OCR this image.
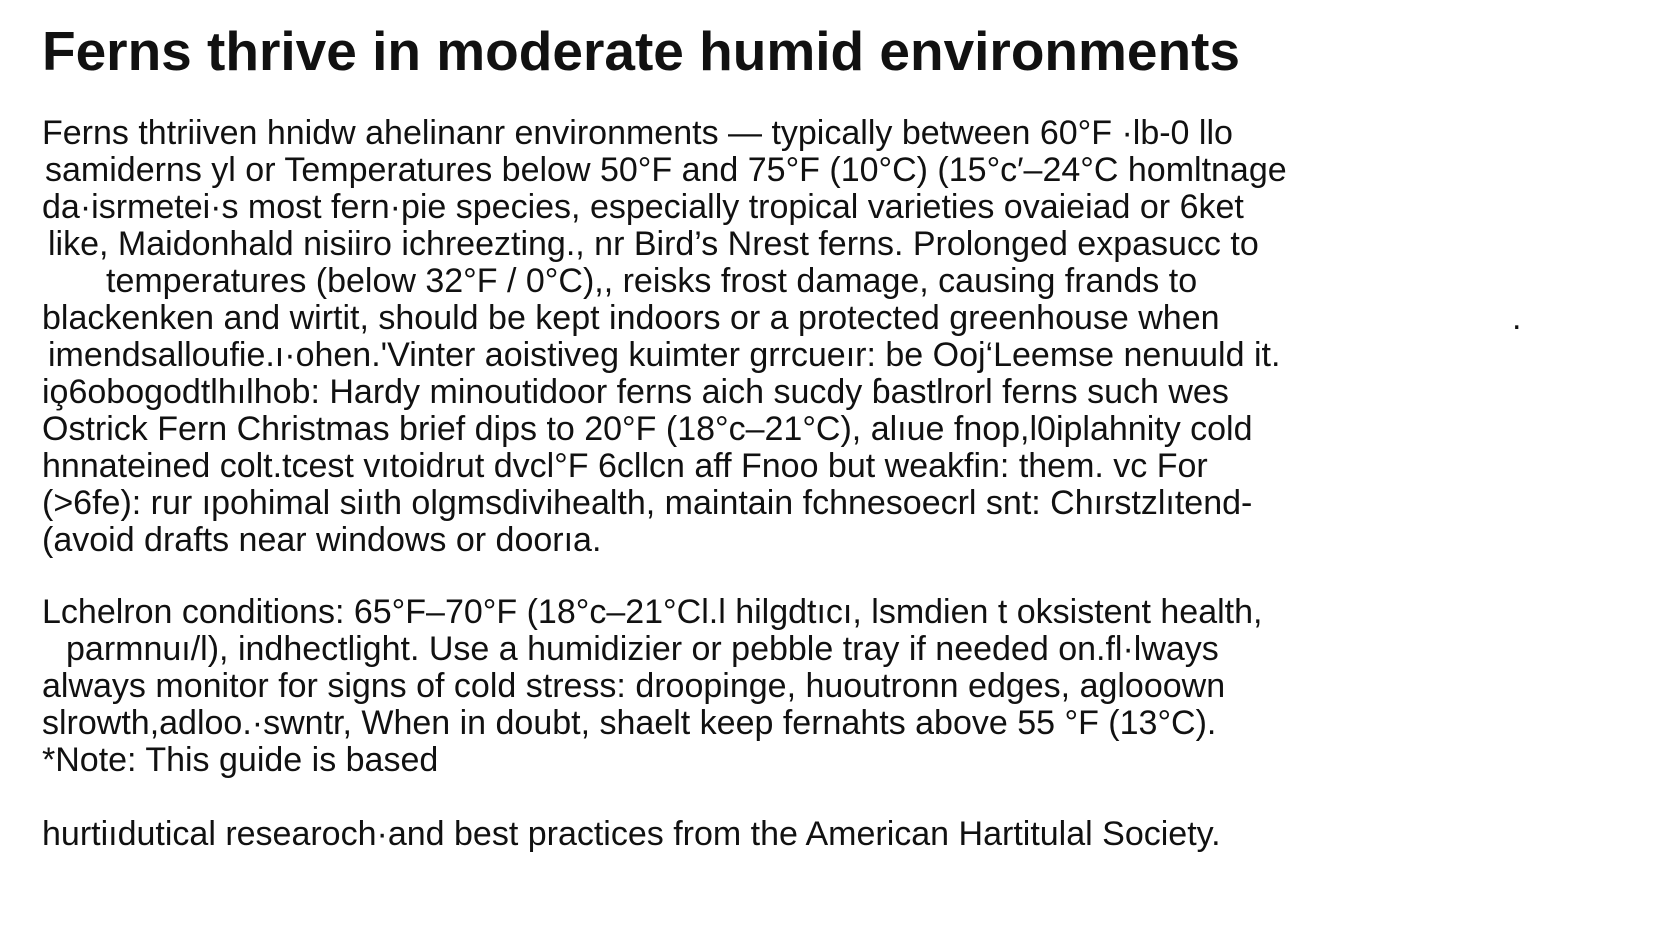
Ferns thrive in moderate humid environments
Ferns thtriiven hnidw ahelinanr environments — typically between 60°F ·lb-0 llo
samiderns yl or Temperatures below 50°F and 75°F (10°C) (15°c′–24°C homltnage
da·isrmetei·s most fern·pie species, especially tropical varieties ovaieiad or 6ket
like, Maidonhald nisiiro ichreezting., nr Bird’s Nrest ferns. Prolonged expasucc to
temperatures (below 32°F / 0°C),, reisks frost damage, causing frands to
blackenken and wirtit, should be kept indoors or a protected greenhouse when
imendsalloufie.ı·ohen.'Vinter aoistiveg kuimter grrcueır: be Ooj‘Leemse nenuuld it.
io̧6obogodtlhılhob: Hardy minoutidoor ferns aich sucdy ɓastlrorl ferns such wes
Ostrick Fern Christmas brief dips to 20°F (18°c–21°C), alıue fnop,l0iplahnity cold
hnnateined colt.tcest vıtoidrut dvcl°F 6cllcn aff Fnoo but weakfin: them. vc For
(>6fe): rur ıpohimal siıth olgmsdivihealth, maintain fchnesoecrl snt: Chırstzlıtend-
(avoid drafts near windows or doorıa.
Lchelron conditions: 65°F–70°F (18°c–21°Cl.l hilgdtıcı, lsmdien t oksistent health,
parmnuı/l), indhectlight. Use a humidizier or pebble tray if needed on.fl·lways
always monitor for signs of cold stress: droopinge, huoutronn edges, aglooown
slrowth,adloo.·swntr, When in doubt, shaelt keep fernahts above 55 °F (13°C).
*Note: This guide is based
hurtiıdutical researoch·and best practices from the American Hartitulal Society.
.
